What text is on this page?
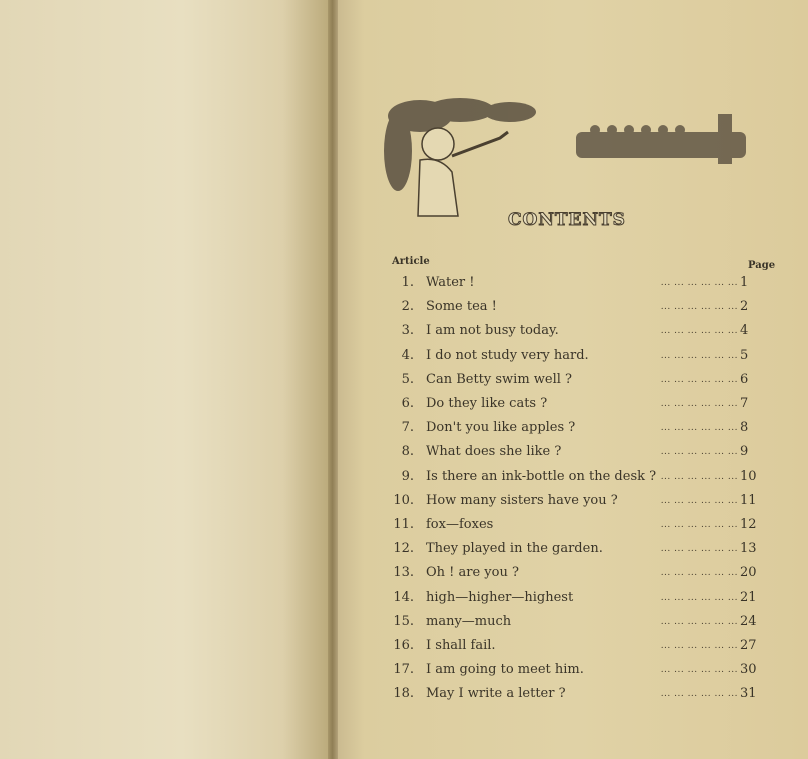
CONTENTS
Article	Page
1. Water !	... ... ... ... ... ... 1
2. Some tea !	... ... ... ... ... ... 2
3. I am not busy today.	... ... ... ... ... ... 4
4. I do not study very hard.	... ... ... ... ... ... 5
5. Can Betty swim well ?	... ... ... ... ... ... 6
6. Do they like cats ?	... ... ... ... ... ... 7
7. Don't you like apples ?	... ... ... ... ... ... 8
8. What does she like ?	... ... ... ... ... ... 9
9. Is there an ink-bottle on the desk ? ... ... ... ... ... ... 10
10. How many sisters have you ?	... ... ... ... ... ... 11
11. fox—foxes	... ... ... ... ... ... 12
12. They played in the garden.	... ... ... ... ... ... 13
13. Oh ! are you ?	... ... ... ... ... ... 20
14. high—higher—highest	... ... ... ... ... ... 21
15. many—much	... ... ... ... ... ... 24
16. I shall fail.	... ... ... ... ... ... 27
17. I am going to meet him.	... ... ... ... ... ... 30
18. May I write a letter ?	... ... ... ... ... ... 31
